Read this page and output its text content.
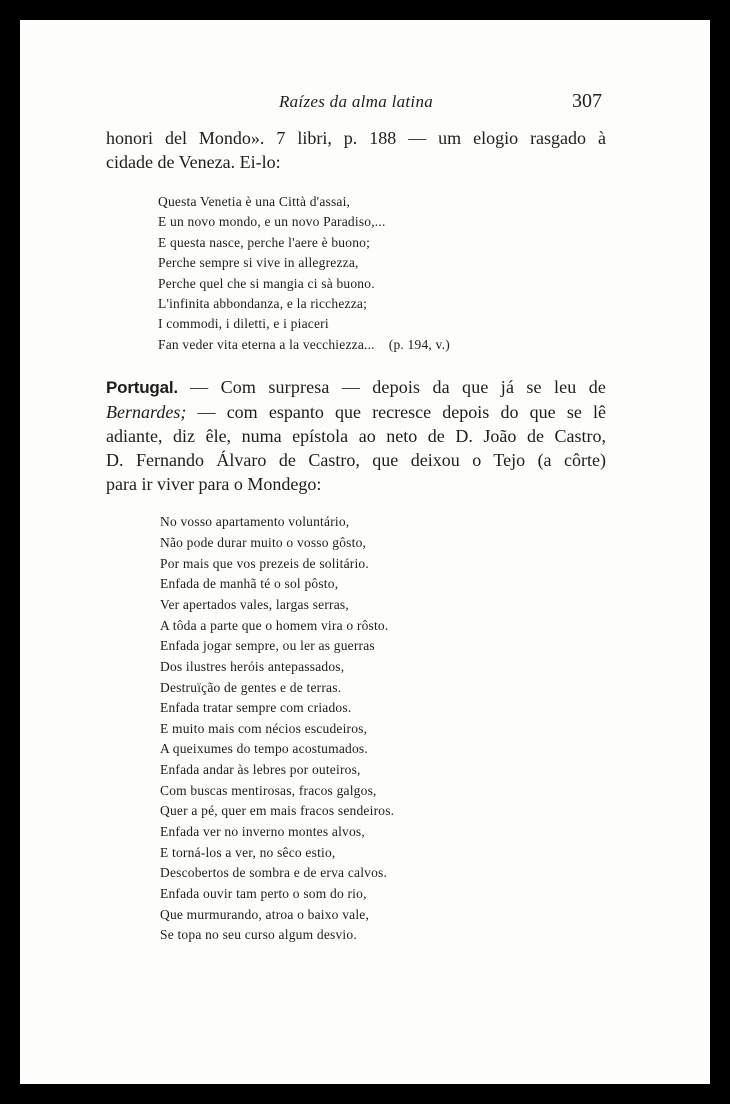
Raízes da alma latina	307
honori del Mondo». 7 libri, p. 188 — um elogio rasgado à
cidade de Veneza. Ei-lo:
Questa Venetia è una Città d'assai,
E un novo mondo, e un novo Paradiso,...
E questa nasce, perche l'aere è buono;
Perche sempre si vive in allegrezza,
Perche quel che si mangia ci sà buono.
L'infinita abbondanza, e la ricchezza;
I commodi, i diletti, e i piaceri
Fan veder vita eterna a la vecchiezza... (p. 194, v.)
Portugal. — Com surpresa — depois da que já se leu de
Bernardes; — com espanto que recresce depois do que se lê
adiante, diz êle, numa epístola ao neto de D. João de Castro,
D. Fernando Álvaro de Castro, que deixou o Tejo (a côrte)
para ir viver para o Mondego:
No vosso apartamento voluntário,
Não pode durar muito o vosso gôsto,
Por mais que vos prezeis de solitário.
Enfada de manhã té o sol pôsto,
Ver apertados vales, largas serras,
A tôda a parte que o homem vira o rôsto.
Enfada jogar sempre, ou ler as guerras
Dos ilustres heróis antepassados,
Destruïção de gentes e de terras.
Enfada tratar sempre com criados.
E muito mais com nécios escudeiros,
A queixumes do tempo acostumados.
Enfada andar às lebres por outeiros,
Com buscas mentirosas, fracos galgos,
Quer a pé, quer em mais fracos sendeiros.
Enfada ver no inverno montes alvos,
E torná-los a ver, no sêco estio,
Descobertos de sombra e de erva calvos.
Enfada ouvir tam perto o som do rio,
Que murmurando, atroa o baixo vale,
Se topa no seu curso algum desvio.
